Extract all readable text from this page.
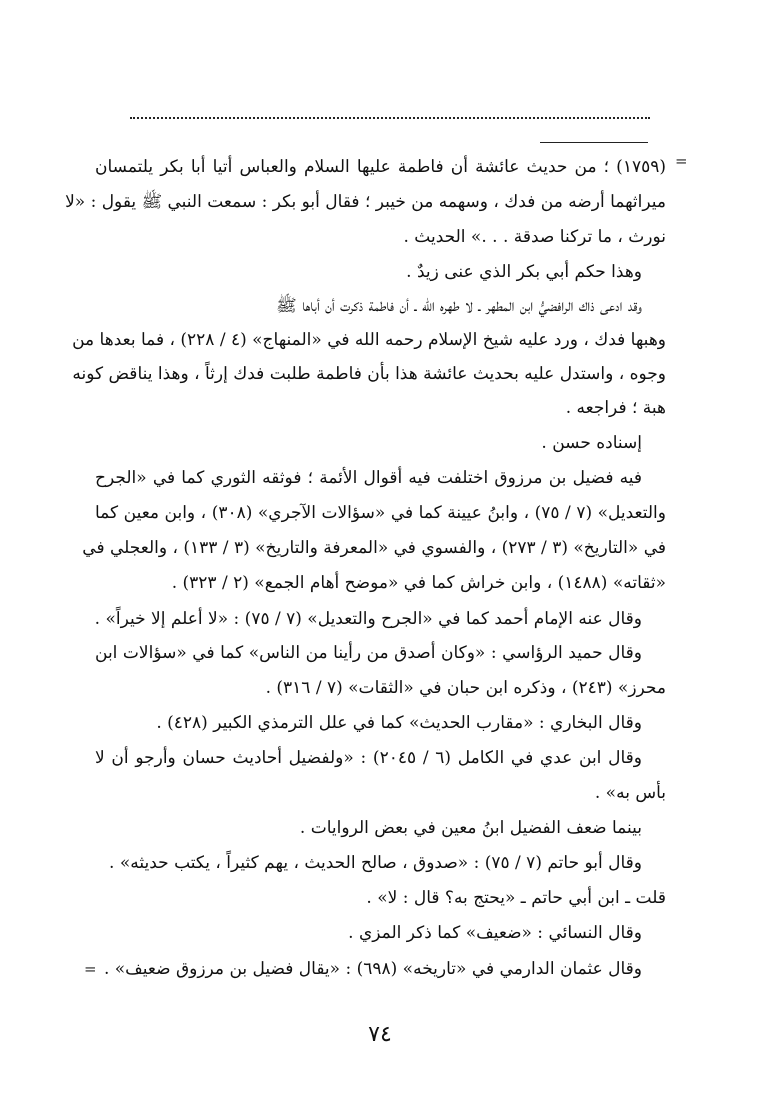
=
=
(١٧٥٩) ؛ من حديث عائشة أن فاطمة عليها السلام والعباس أتيا أبا بكر يلتمسان
ميراثهما أرضه من فدك ، وسهمه من خيبر ؛ فقال أبو بكر : سمعت النبي ﷺ يقول : «لا
نورث ، ما تركنا صدقة . . .» الحديث .
وهذا حكم أبي بكر الذي عنى زيدٌ .
وقد ادعى ذاك الرافضيُّ ابن المطهر ـ لا طهره الله ـ أن فاطمة ذكرت أن أباها ﷺ
وهبها فدك ، ورد عليه شيخ الإسلام رحمه الله في «المنهاج» (٤ / ٢٢٨) ، فما بعدها من
وجوه ، واستدل عليه بحديث عائشة هذا بأن فاطمة طلبت فدك إرثاً ، وهذا يناقض كونه
هبة ؛ فراجعه .
إسناده حسن .
فيه فضيل بن مرزوق اختلفت فيه أقوال الأئمة ؛ فوثقه الثوري كما في «الجرح
والتعديل» (٧ / ٧٥) ، وابنُ عيينة كما في «سؤالات الآجري» (٣٠٨) ، وابن معين كما
في «التاريخ» (٣ / ٢٧٣) ، والفسوي في «المعرفة والتاريخ» (٣ / ١٣٣) ، والعجلي في
«ثقاته» (١٤٨٨) ، وابن خراش كما في «موضح أهام الجمع» (٢ / ٣٢٣) .
وقال عنه الإمام أحمد كما في «الجرح والتعديل» (٧ / ٧٥) : «لا أعلم إلا خيراً» .
وقال حميد الرؤاسي : «وكان أصدق من رأينا من الناس» كما في «سؤالات ابن
محرز» (٢٤٣) ، وذكره ابن حبان في «الثقات» (٧ / ٣١٦) .
وقال البخاري : «مقارب الحديث» كما في علل الترمذي الكبير (٤٢٨) .
وقال ابن عدي في الكامل (٦ / ٢٠٤٥) : «ولفضيل أحاديث حسان وأرجو أن لا
بأس به» .
بينما ضعف الفضيل ابنُ معين في بعض الروايات .
وقال أبو حاتم (٧ / ٧٥) : «صدوق ، صالح الحديث ، يهم كثيراً ، يكتب حديثه» .
قلت ـ ابن أبي حاتم ـ «يحتج به؟ قال : لا» .
وقال النسائي : «ضعيف» كما ذكر المزي .
وقال عثمان الدارمي في «تاريخه» (٦٩٨) : «يقال فضيل بن مرزوق ضعيف» .
٧٤
